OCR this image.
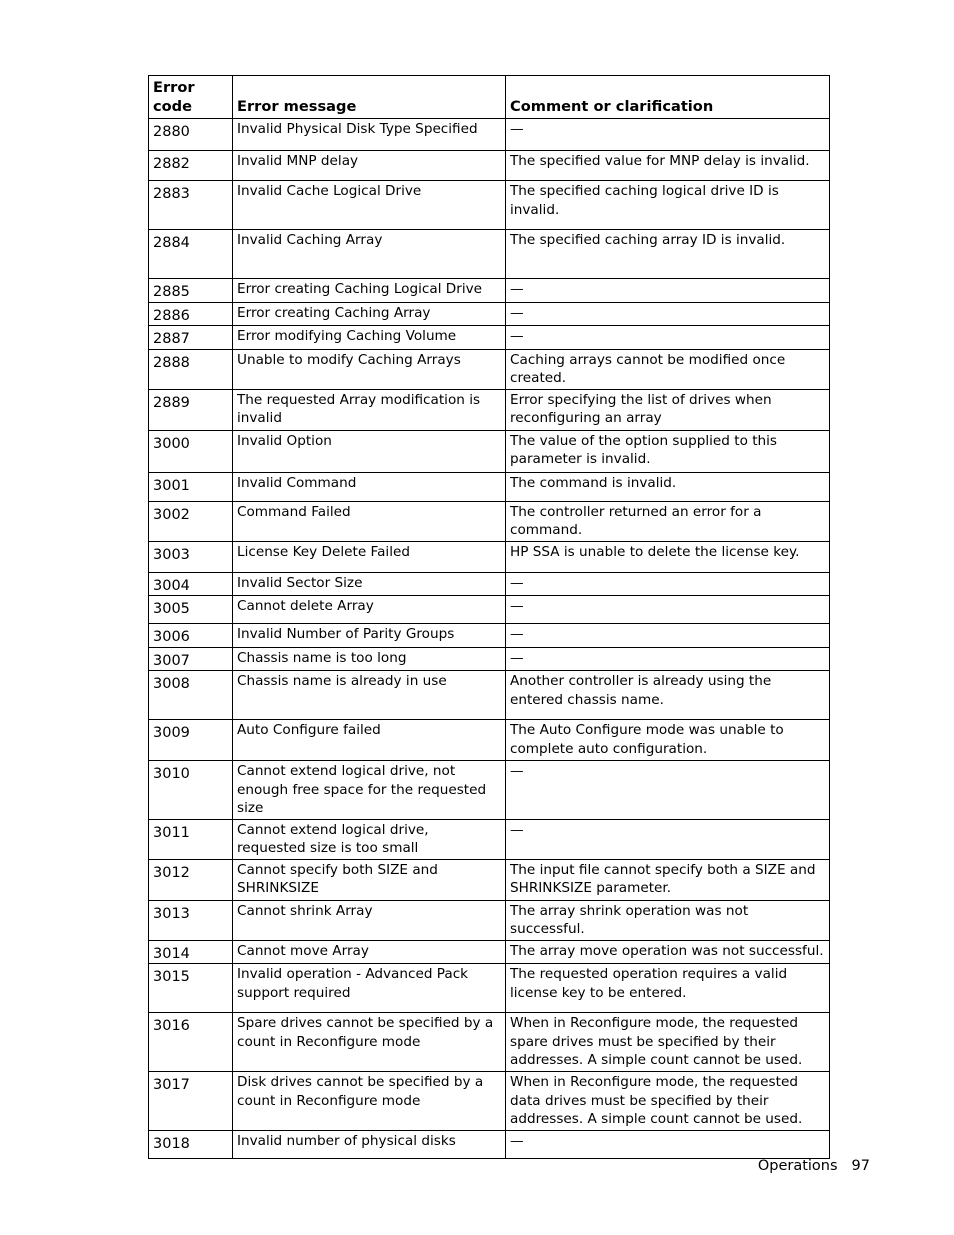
Error code	Error message	Comment or clarification
2880	Invalid Physical Disk Type Specified	—
2882	Invalid MNP delay	The specified value for MNP delay is invalid.
2883	Invalid Cache Logical Drive	The specified caching logical drive ID is invalid.
2884	Invalid Caching Array	The specified caching array ID is invalid.
2885	Error creating Caching Logical Drive	—
2886	Error creating Caching Array	—
2887	Error modifying Caching Volume	—
2888	Unable to modify Caching Arrays	Caching arrays cannot be modified once created.
2889	The requested Array modification is invalid	Error specifying the list of drives when reconfiguring an array
3000	Invalid Option	The value of the option supplied to this parameter is invalid.
3001	Invalid Command	The command is invalid.
3002	Command Failed	The controller returned an error for a command.
3003	License Key Delete Failed	HP SSA is unable to delete the license key.
3004	Invalid Sector Size	—
3005	Cannot delete Array	—
3006	Invalid Number of Parity Groups	—
3007	Chassis name is too long	—
3008	Chassis name is already in use	Another controller is already using the entered chassis name.
3009	Auto Configure failed	The Auto Configure mode was unable to complete auto configuration.
3010	Cannot extend logical drive, not enough free space for the requested size	—
3011	Cannot extend logical drive, requested size is too small	—
3012	Cannot specify both SIZE and SHRINKSIZE	The input file cannot specify both a SIZE and SHRINKSIZE parameter.
3013	Cannot shrink Array	The array shrink operation was not successful.
3014	Cannot move Array	The array move operation was not successful.
3015	Invalid operation - Advanced Pack support required	The requested operation requires a valid license key to be entered.
3016	Spare drives cannot be specified by a count in Reconfigure mode	When in Reconfigure mode, the requested spare drives must be specified by their addresses. A simple count cannot be used.
3017	Disk drives cannot be specified by a count in Reconfigure mode	When in Reconfigure mode, the requested data drives must be specified by their addresses. A simple count cannot be used.
3018	Invalid number of physical disks	—
Operations 97
